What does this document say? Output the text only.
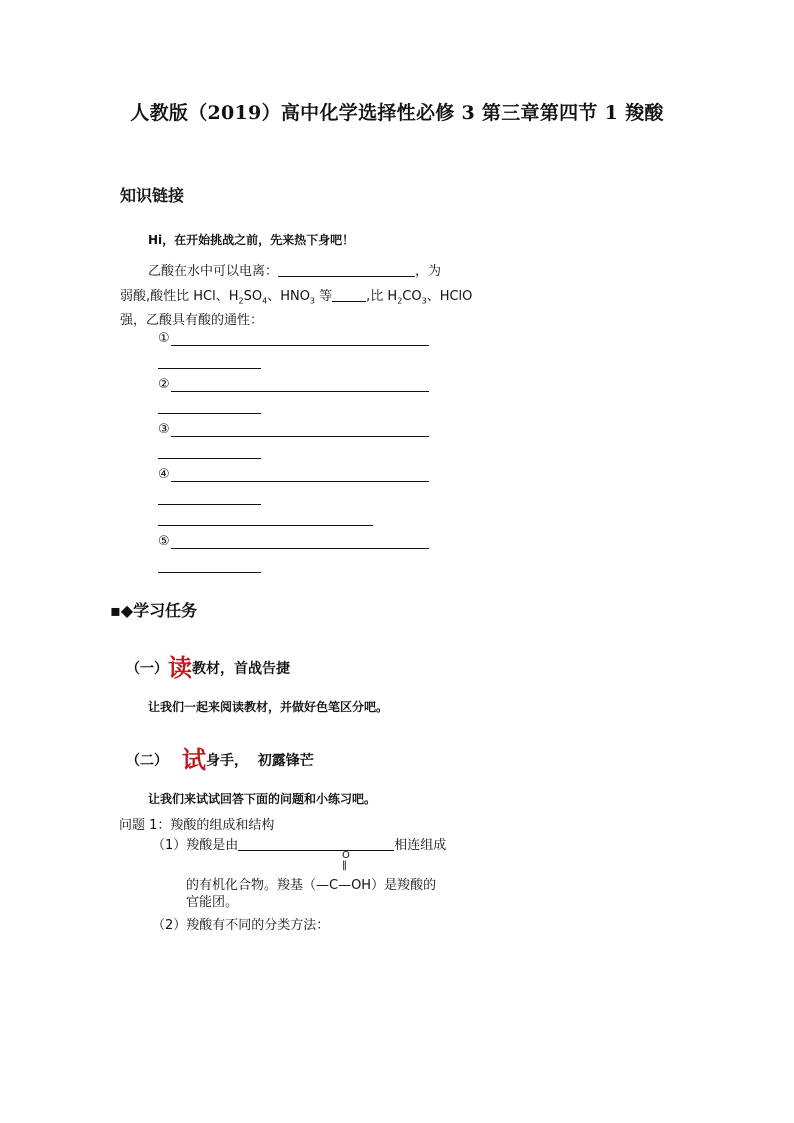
人教版（2019）高中化学选择性必修 3 第三章第四节 1 羧酸
知识链接
Hi，在开始挑战之前，先来热下身吧！
乙酸在水中可以电离：	，为
弱酸,酸性比 HCl、$H_2SO_4$、$HNO_3$ 等	,比 $H_2CO_3$、HClO
强，乙酸具有酸的通性：
①
②
③
④
⑤
▪◆学习任务
（一）读教材，首战告捷
让我们一起来阅读教材，并做好色笔区分吧。
（二） 试身手，  初露锋芒
让我们来试试回答下面的问题和小练习吧。
问题 1：羧酸的组成和结构
（1）羧酸是由	相连组成
O
‖
的有机化合物。羧基（—C—OH）是羧酸的
官能团。
（2）羧酸有不同的分类方法：
